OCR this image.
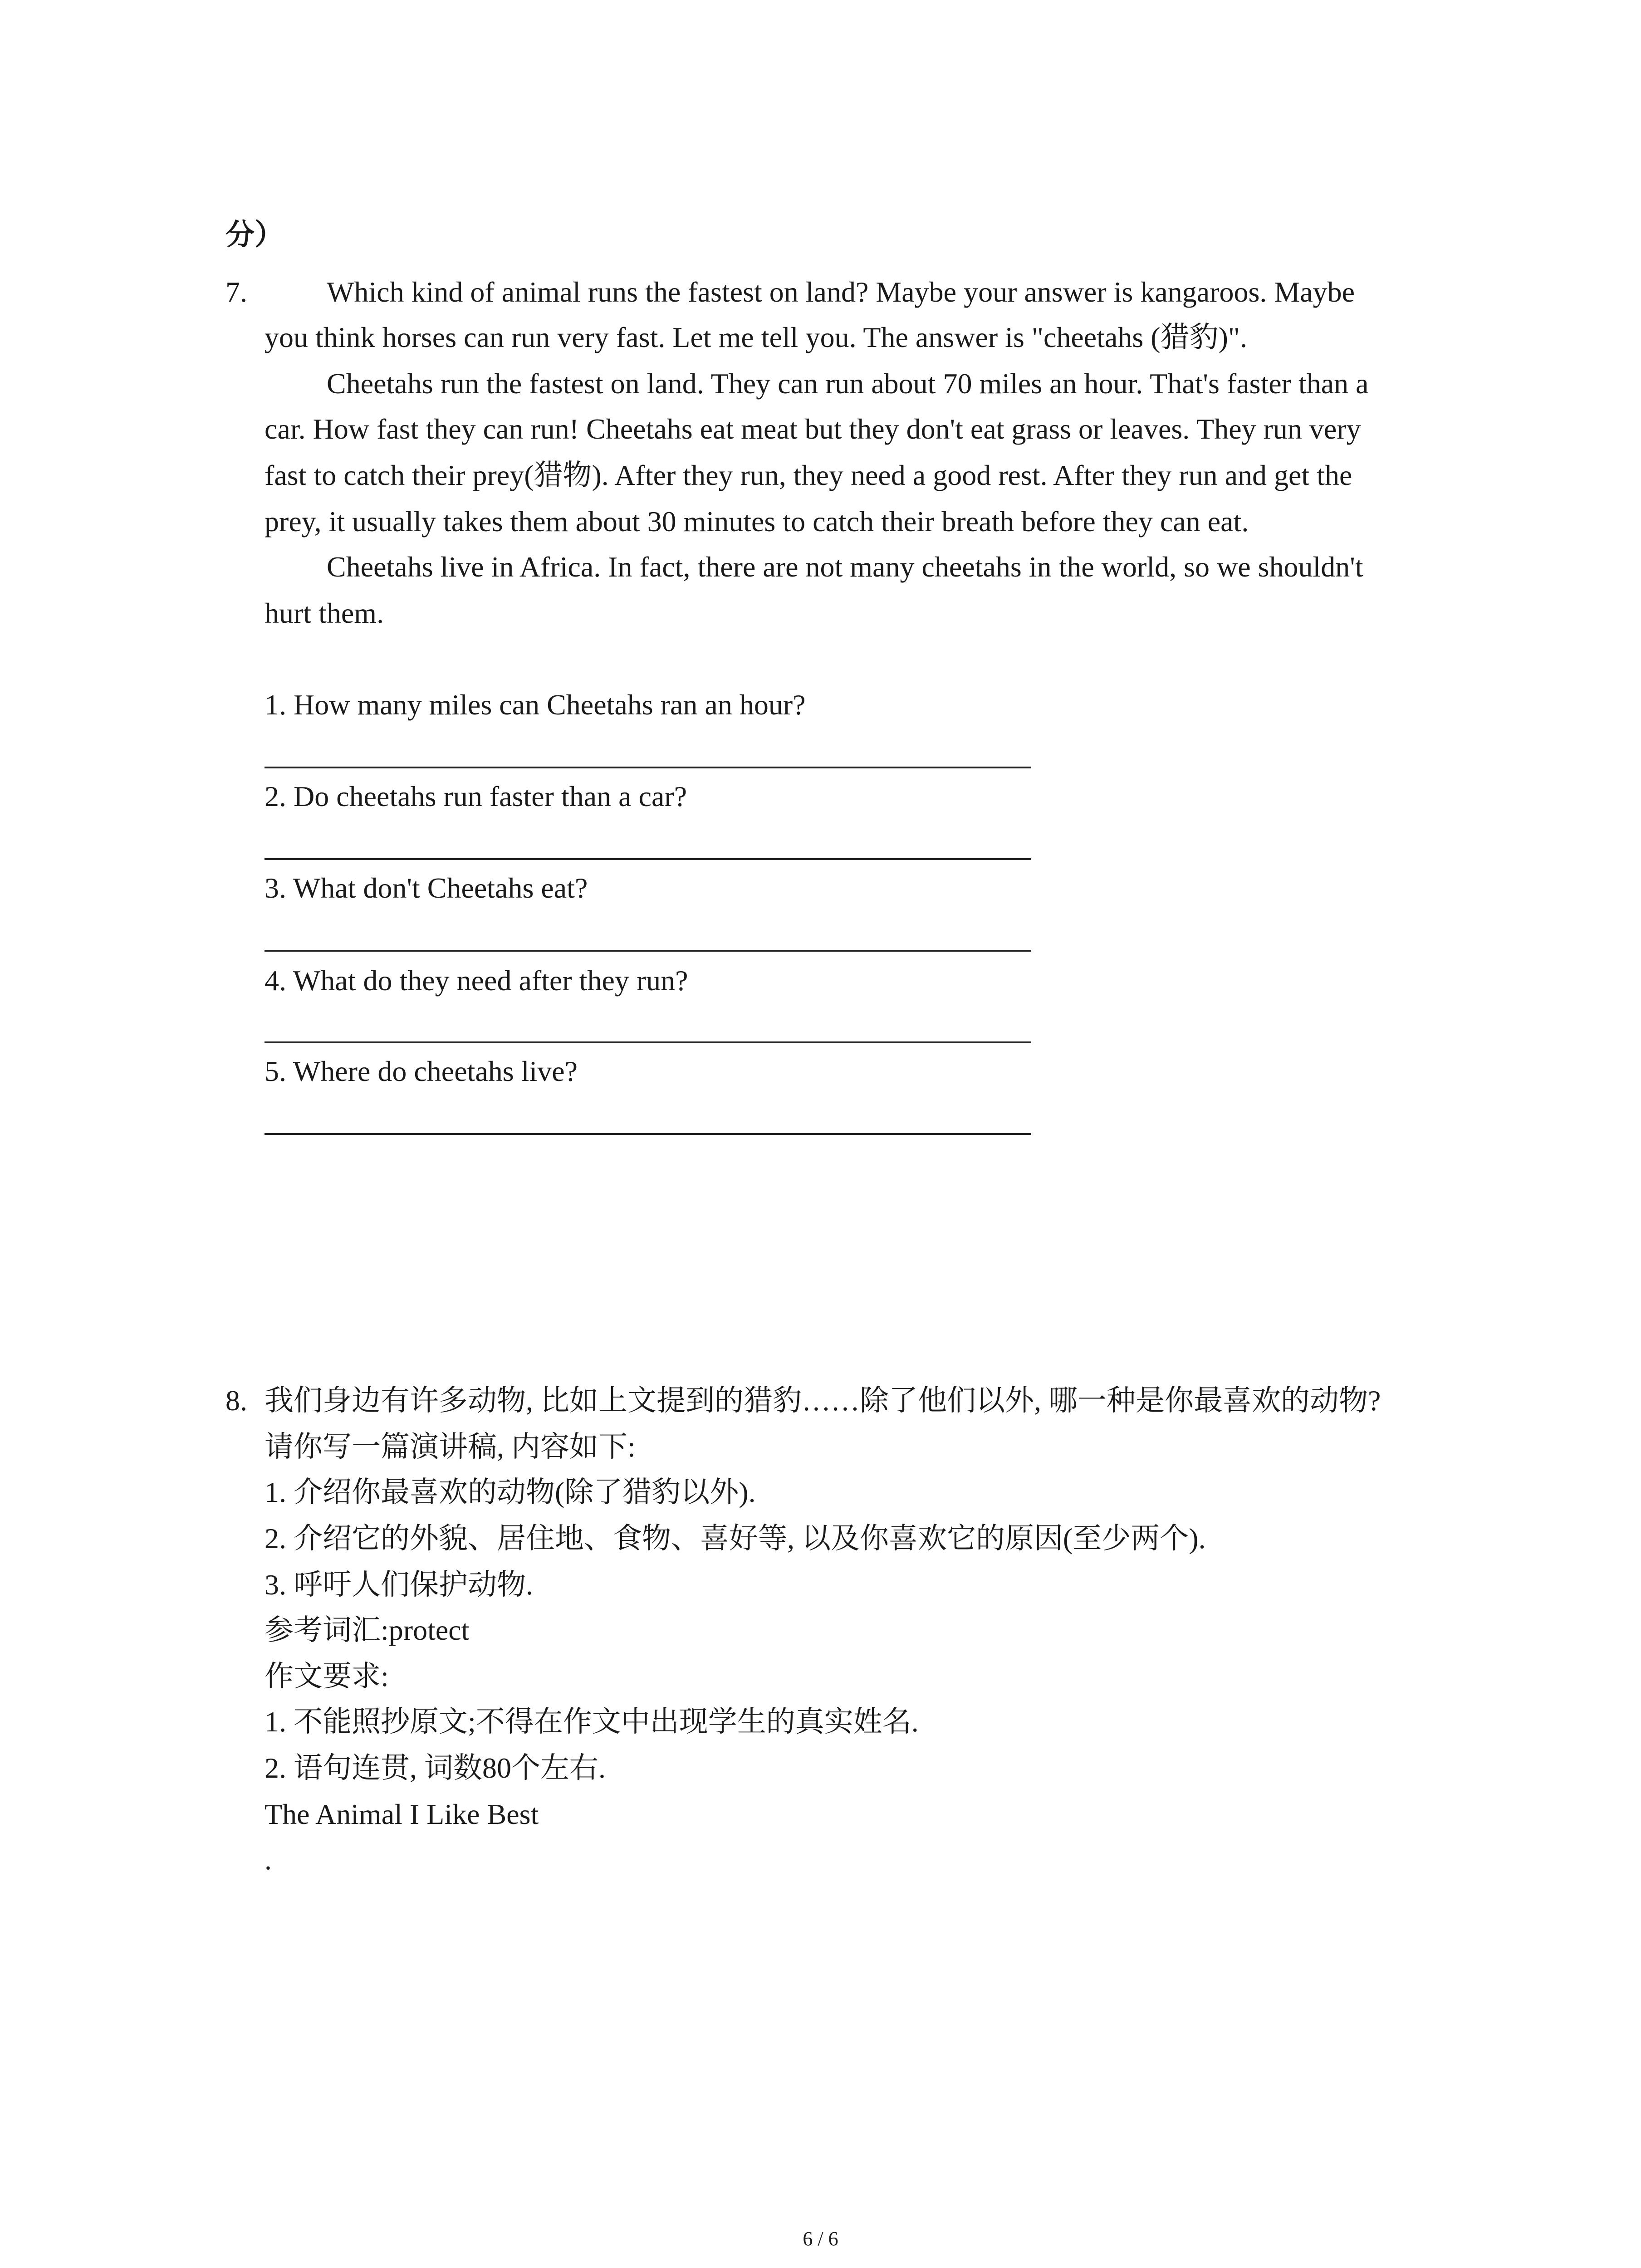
分）
7.	Which kind of animal runs the fastest on land? Maybe your answer is kangaroos. Maybe
you think horses can run very fast. Let me tell you. The answer is "cheetahs (猎豹)".
Cheetahs run the fastest on land. They can run about 70 miles an hour. That's faster than a
car. How fast they can run! Cheetahs eat meat but they don't eat grass or leaves. They run very
fast to catch their prey(猎物). After they run, they need a good rest. After they run and get the
prey, it usually takes them about 30 minutes to catch their breath before they can eat.
Cheetahs live in Africa. In fact, there are not many cheetahs in the world, so we shouldn't
hurt them.
1. How many miles can Cheetahs ran an hour?
2. Do cheetahs run faster than a car?
3. What don't Cheetahs eat?
4. What do they need after they run?
5. Where do cheetahs live?
8. 我们身边有许多动物, 比如上文提到的猎豹……除了他们以外, 哪一种是你最喜欢的动物?
请你写一篇演讲稿, 内容如下:
1. 介绍你最喜欢的动物(除了猎豹以外).
2. 介绍它的外貌、居住地、食物、喜好等, 以及你喜欢它的原因(至少两个).
3. 呼吁人们保护动物.
参考词汇:protect
作文要求:
1. 不能照抄原文;不得在作文中出现学生的真实姓名.
2. 语句连贯, 词数80个左右.
The Animal I Like Best
.
6 / 6
